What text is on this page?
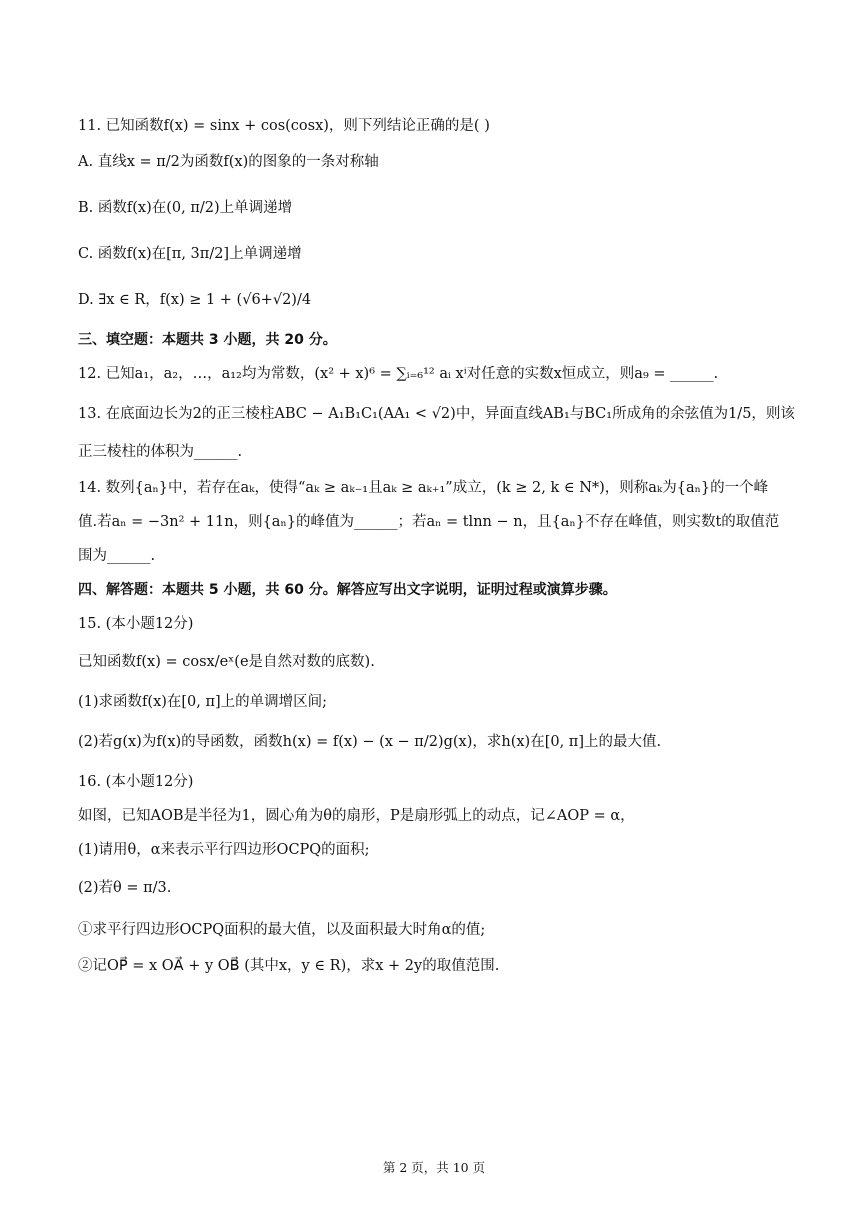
11. 已知函数f(x) = sinx + cos(cosx)，则下列结论正确的是( )
A. 直线x = π/2为函数f(x)的图象的一条对称轴
B. 函数f(x)在(0, π/2)上单调递增
C. 函数f(x)在[π, 3π/2]上单调递增
D. ∃x ∈ R，f(x) ≥ 1 + (√6+√2)/4
三、填空题：本题共 3 小题，共 20 分。
12. 已知a₁，a₂，…，a₁₂均为常数，(x² + x)⁶ = ∑ᵢ₌₆¹² aᵢ xⁱ对任意的实数x恒成立，则a₉ = ______.
13. 在底面边长为2的正三棱柱ABC − A₁B₁C₁(AA₁ < √2)中，异面直线AB₁与BC₁所成角的余弦值为1/5，则该
正三棱柱的体积为______.
14. 数列{aₙ}中，若存在aₖ，使得“aₖ ≥ aₖ₋₁且aₖ ≥ aₖ₊₁”成立，(k ≥ 2, k ∈ N*)，则称aₖ为{aₙ}的一个峰
值.若aₙ = −3n² + 11n，则{aₙ}的峰值为______；若aₙ = tlnn − n，且{aₙ}不存在峰值，则实数t的取值范
围为______.
四、解答题：本题共 5 小题，共 60 分。解答应写出文字说明，证明过程或演算步骤。
15. (本小题12分)
已知函数f(x) = cosx/eˣ(e是自然对数的底数).
(1)求函数f(x)在[0, π]上的单调增区间;
(2)若g(x)为f(x)的导函数，函数h(x) = f(x) − (x − π/2)g(x)，求h(x)在[0, π]上的最大值.
16. (本小题12分)
如图，已知AOB是半径为1，圆心角为θ的扇形，P是扇形弧上的动点，记∠AOP = α，
(1)请用θ，α来表示平行四边形OCPQ的面积;
(2)若θ = π/3.
①求平行四边形OCPQ面积的最大值，以及面积最大时角α的值;
②记OP⃗ = x OA⃗ + y OB⃗ (其中x，y ∈ R)，求x + 2y的取值范围.
第 2 页，共 10 页
